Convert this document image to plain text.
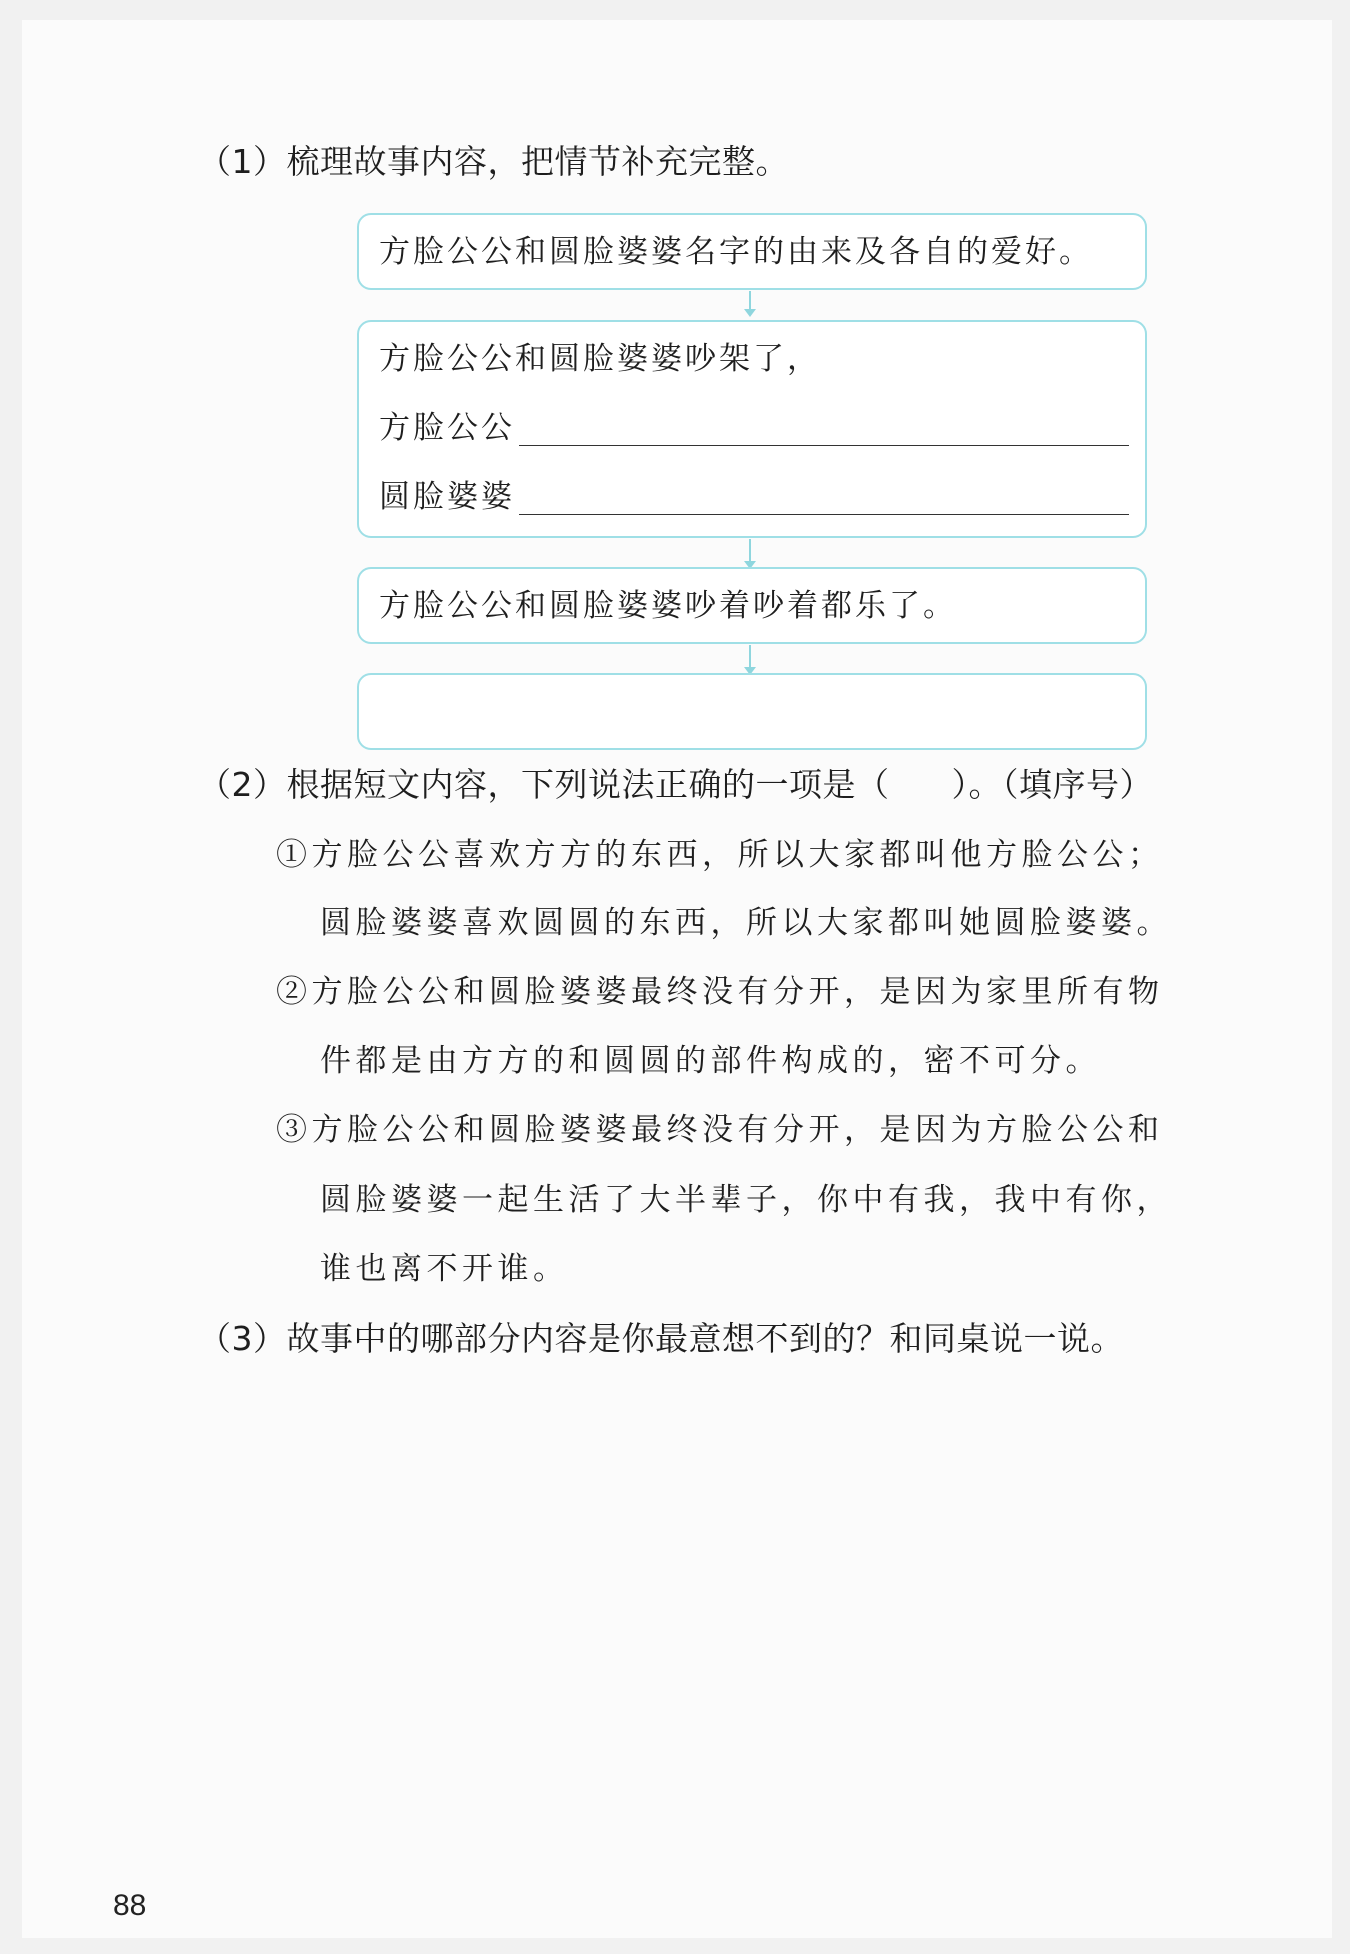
（1）梳理故事内容，把情节补充完整。
方脸公公和圆脸婆婆名字的由来及各自的爱好。
方脸公公和圆脸婆婆吵架了，
方脸公公
圆脸婆婆
方脸公公和圆脸婆婆吵着吵着都乐了。
（2）根据短文内容，下列说法正确的一项是（ ）。（填序号）
①方脸公公喜欢方方的东西，所以大家都叫他方脸公公；
圆脸婆婆喜欢圆圆的东西，所以大家都叫她圆脸婆婆。
②方脸公公和圆脸婆婆最终没有分开，是因为家里所有物
件都是由方方的和圆圆的部件构成的，密不可分。
③方脸公公和圆脸婆婆最终没有分开，是因为方脸公公和
圆脸婆婆一起生活了大半辈子，你中有我，我中有你，
谁也离不开谁。
（3）故事中的哪部分内容是你最意想不到的？和同桌说一说。
88
